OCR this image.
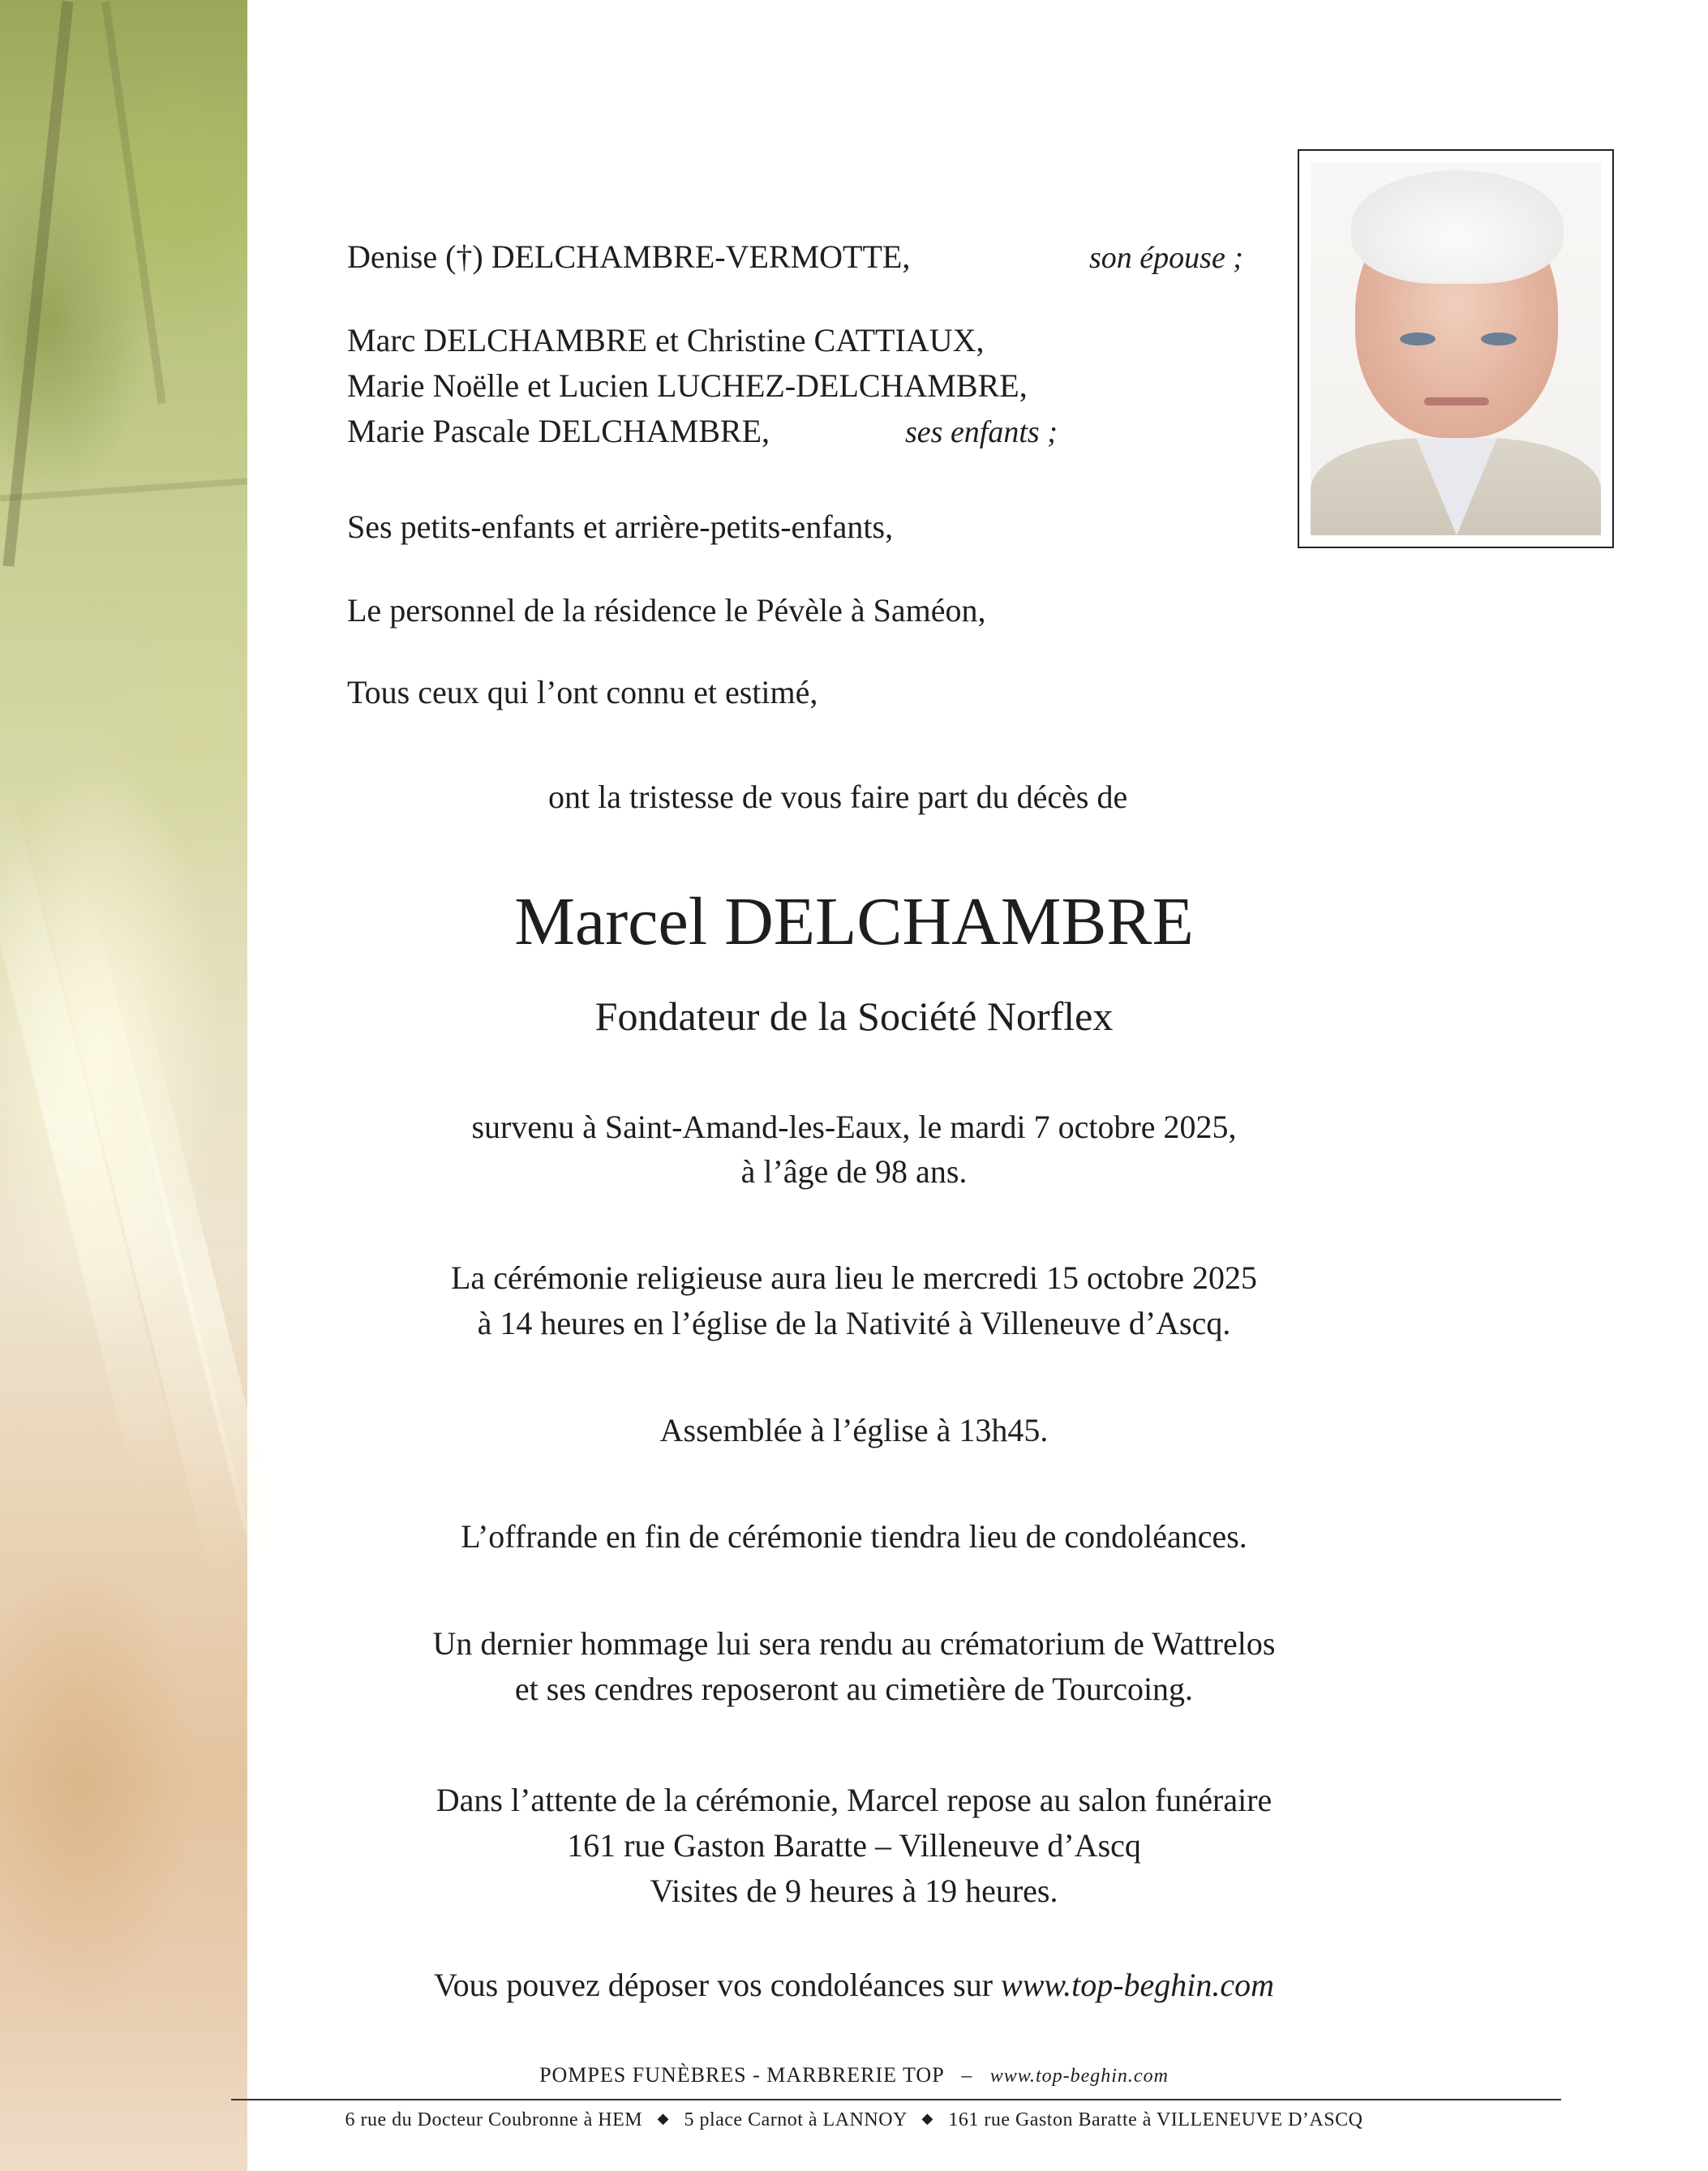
Denise (†) DELCHAMBRE-VERMOTTE,	son épouse ;
Marc DELCHAMBRE et Christine CATTIAUX,
Marie Noëlle et Lucien LUCHEZ-DELCHAMBRE,
Marie Pascale DELCHAMBRE,	ses enfants ;
Ses petits-enfants et arrière-petits-enfants,
Le personnel de la résidence le Pévèle à Saméon,
Tous ceux qui l’ont connu et estimé,
ont la tristesse de vous faire part du décès de
Marcel DELCHAMBRE
Fondateur de la Société Norflex
survenu à Saint-Amand-les-Eaux, le mardi 7 octobre 2025,
à l’âge de 98 ans.
La cérémonie religieuse aura lieu le mercredi 15 octobre 2025
à 14 heures en l’église de la Nativité à Villeneuve d’Ascq.
Assemblée à l’église à 13h45.
L’offrande en fin de cérémonie tiendra lieu de condoléances.
Un dernier hommage lui sera rendu au crématorium de Wattrelos
et ses cendres reposeront au cimetière de Tourcoing.
Dans l’attente de la cérémonie, Marcel repose au salon funéraire
161 rue Gaston Baratte – Villeneuve d’Ascq
Visites de 9 heures à 19 heures.
Vous pouvez déposer vos condoléances sur www.top-beghin.com
POMPES FUNÈBRES - MARBRERIE TOP – www.top-beghin.com
6 rue du Docteur Coubronne à HEM ◆ 5 place Carnot à LANNOY ◆ 161 rue Gaston Baratte à VILLENEUVE D’ASCQ
